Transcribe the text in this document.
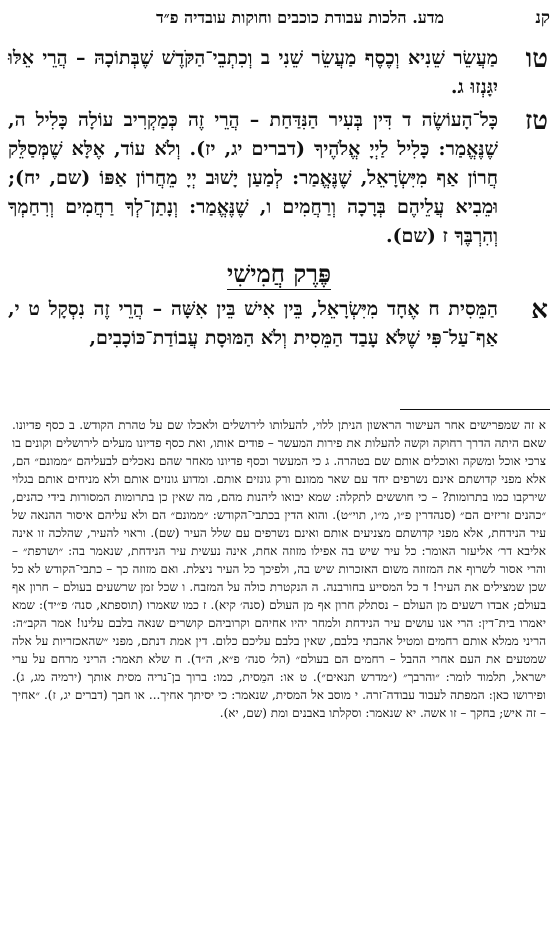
קנ
מדע. הלכות עבודת כוכבים וחוקות עובדיה פ״ד
טו
מַעֲשֵׂר שֵׁנִיא וְכֶסֶף מַעֲשֵׂר שֵׁנִי ב וְכִתְבֵי־הַקֹּדֶשׁ שֶׁבְּתוֹכָהּ – הֲרֵי אֵלּוּ יִגָּנְזוּ ג.
טז
כָּל־הָעוֹשֶׂה ד דִּין בְּעִיר הַנִּדַּחַת – הֲרֵי זֶה כְּמַקְרִיב עוֹלָה כָּלִיל ה, שֶׁנֶּאֱמַר: כָּלִיל לַיְיָ אֱלֹהֶיךָ (דברים יג, יז). וְלֹא עוֹד, אֶלָּא שֶׁמְּסַלֵּק חֲרוֹן אַף מִיִּשְׂרָאֵל, שֶׁנֶּאֱמַר: לְמַעַן יָשׁוּב יְיָ מֵחֲרוֹן אַפּוֹ (שם, יח); וּמֵבִיא עֲלֵיהֶם בְּרָכָה וְרַחֲמִים ו, שֶׁנֶּאֱמַר: וְנָתַן־לְךָ רַחֲמִים וְרִחַמְךָ וְהִרְבֶּךָ ז (שם).
פֶּרֶק חֲמִישִׁי
א
הַמֵּסִית ח אֶחָד מִיִּשְׂרָאֵל, בֵּין אִישׁ בֵּין אִשָּׁה – הֲרֵי זֶה נִסְקָל ט י, אַף־עַל־פִּי שֶׁלֹּא עָבַד הַמֵּסִית וְלֹא הַמּוּסָת עֲבוֹדַת־כּוֹכָבִים,
א זה שמפרישים אחר העישור הראשון הניתן ללוי, להעלותו לירושלים ולאכלו שם על טהרת הקודש. ב כסף פדיונו. שאם היתה הדרך רחוקה וקשה להעלות את פירות המעשר – פודים אותו, ואת כסף פדיונו מעלים לירושלים וקונים בו צרכי אוכל ומשקה ואוכלים אותם שם בטהרה. ג כי המעשר וכסף פדיונו מאחר שהם נאכלים לבעליהם ״ממונם״ הם, אלא מפני קדושתם אינם נשרפים יחד עם שאר ממונם ורק גונזים אותם. ומדוע גונזים אותם ולא מניחים אותם בגלוי שירקבו כמו בתרומות? – כי חוששים לתקלה: שמא יבואו ליהנות מהם, מה שאין כן בתרומות המסורות בידי כהנים, ״כהנים זריזים הם״ (סנהדרין פ״ו, מ״ו, תוי״ט). והוא הדין בכתבי־הקודש: ״ממונם״ הם ולא עליהם איסור ההנאה של עיר הנידחת, אלא מפני קדושתם מצניעים אותם ואינם נשרפים עם שלל העיר (שם). וראוי להעיר, שהלכה זו אינה אליבא דר׳ אליעזר האומר: כל עיר שיש בה אפילו מזוזה אחת, אינה נעשית עיר הנידחת, שנאמר בה: ״ושרפת״ – והרי אסור לשרוף את המזוזה משום האזכרות שיש בה, ולפיכך כל העיר ניצלת. ואם מזוזה כך – כתבי־הקודש לא כל שכן שמצילים את העיר! ד כל המסייע בחורבנה. ה הנקטרת כולה על המזבח. ו שכל זמן שרשעים בעולם – חרון אף בעולם; אבדו רשעים מן העולם – נסתלק חרון אף מן העולם (סנה׳ קיא). ז כמו שאמרו (תוספתא, סנה׳ פ״יד): שמא יאמרו בית־דין: הרי אנו עושים עיר הנידחת ולמחר יהיו אחיהם וקרוביהם קושרים שנאה בלבם עלינו! אמר הקב״ה: הריני ממלא אותם רחמים ומטיל אהבתי בלבם, שאין בלבם עליכם כלום. דין אמת דנתם, מפני ״שהאכזריות על אלה שמטעים את העם אחרי ההבל – רחמים הם בעולם״ (הל׳ סנה׳ פ״א, ה״ד). ח שלא תאמר: הריני מרחם על ערי ישראל, תלמוד לומר: ״והרבך״ (״מדרש תנאים״). ט או: המֵסית, כמו: ברוך בן־נריה מסית אותך (ירמיה מג, ג). ופירושו כאן: המפתה לעבוד עבודה־זרה. י מוסב אל המסית, שנאמר: כי יסיתך אחיך... או חבך (דברים יג, ז). ״אחיך – זה איש; בחקך – זו אשה. יא שנאמר: וסקלתו באבנים ומת (שם, יא).
